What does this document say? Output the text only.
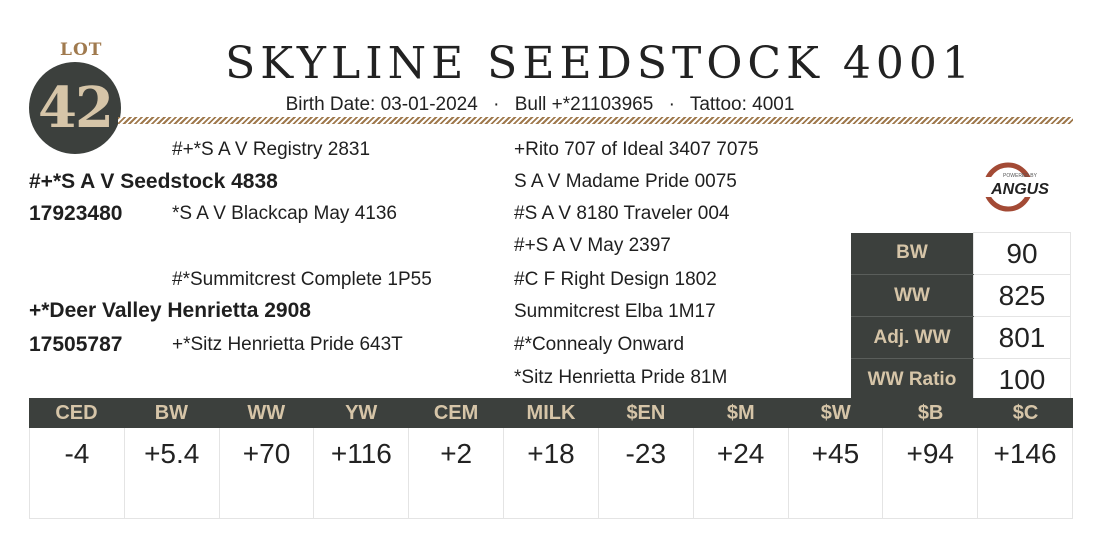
LOT
42
SKYLINE SEEDSTOCK 4001
Birth Date: 03-01-2024 · Bull +*21103965 · Tattoo: 4001
#+*S A V Registry 2831
#+*S A V Seedstock 4838
17923480	*S A V Blackcap May 4136
+Rito 707 of Ideal 3407 7075
S A V Madame Pride 0075
#S A V 8180 Traveler 004
#+S A V May 2397
#*Summitcrest Complete 1P55
+*Deer Valley Henrietta 2908
17505787	+*Sitz Henrietta Pride 643T
#C F Right Design 1802
Summitcrest Elba 1M17
#*Connealy Onward
*Sitz Henrietta Pride 81M
POWERED BY
ANGUS
BW	90
WW	825
Adj. WW	801
WW Ratio	100
CED	BW	WW	YW	CEM	MILK	$EN	$M	$W	$B	$C
-4	+5.4	+70	+116	+2	+18	-23	+24	+45	+94	+146
